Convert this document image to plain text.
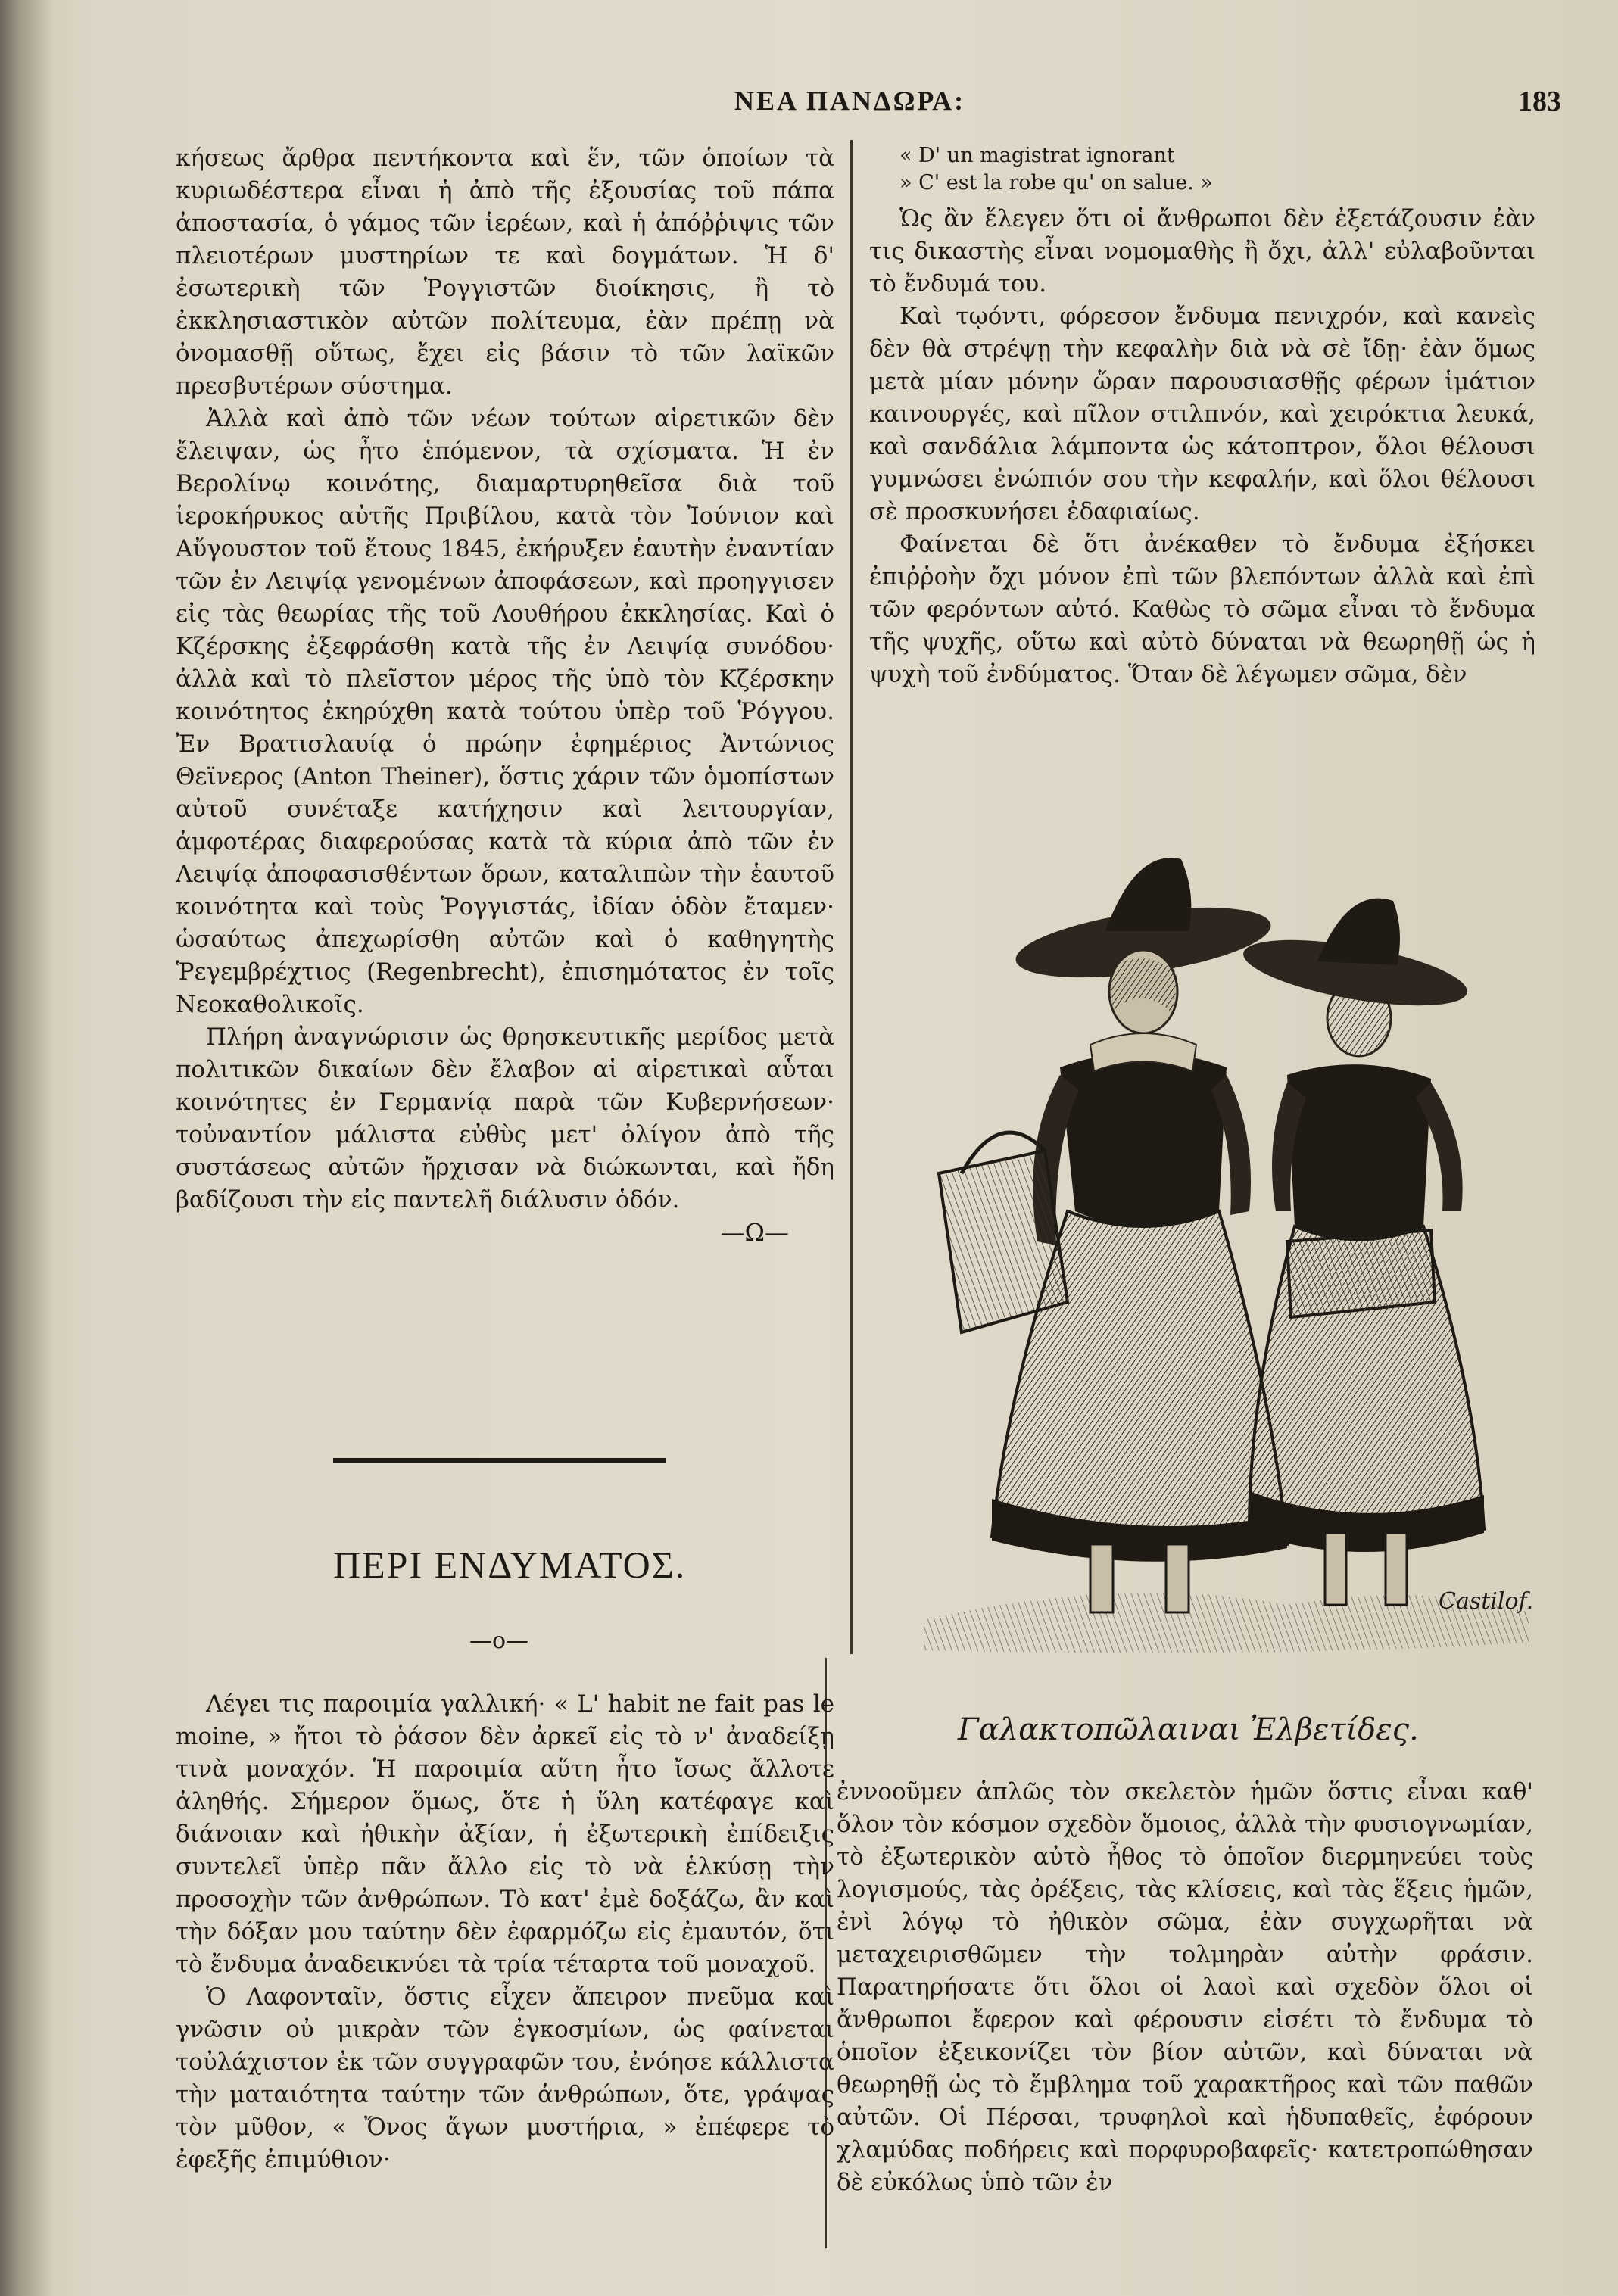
ΝΕΑ ΠΑΝΔΩΡΑ:	183

κήσεως ἄρθρα πεντήκοντα καὶ ἕν, τῶν ὁποίων τὰ κυριωδέστερα εἶναι ἡ ἀπὸ τῆς ἐξουσίας τοῦ πάπα ἀποστασία, ὁ γάμος τῶν ἱερέων, καὶ ἡ ἀπόῤῥιψις τῶν πλειοτέρων μυστηρίων τε καὶ δογμάτων. Ἡ δ' ἐσωτερικὴ τῶν Ῥογγιστῶν διοίκησις, ἢ τὸ ἐκκλησιαστικὸν αὐτῶν πολίτευμα, ἐὰν πρέπῃ νὰ ὀνομασθῇ οὕτως, ἔχει εἰς βάσιν τὸ τῶν λαϊκῶν πρεσβυτέρων σύστημα.

Ἀλλὰ καὶ ἀπὸ τῶν νέων τούτων αἱρετικῶν δὲν ἔλειψαν, ὡς ἦτο ἑπόμενον, τὰ σχίσματα. Ἡ ἐν Βερολίνῳ κοινότης, διαμαρτυρηθεῖσα διὰ τοῦ ἱεροκήρυκος αὐτῆς Πριβίλου, κατὰ τὸν Ἰούνιον καὶ Αὔγουστον τοῦ ἔτους 1845, ἐκήρυξεν ἑαυτὴν ἐναντίαν τῶν ἐν Λειψίᾳ γενομένων ἀποφάσεων, καὶ προηγγισεν εἰς τὰς θεωρίας τῆς τοῦ Λουθήρου ἐκκλησίας. Καὶ ὁ Κζέρσκης ἐξεφράσθη κατὰ τῆς ἐν Λειψίᾳ συνόδου· ἀλλὰ καὶ τὸ πλεῖστον μέρος τῆς ὑπὸ τὸν Κζέρσκην κοινότητος ἐκηρύχθη κατὰ τούτου ὑπὲρ τοῦ Ῥόγγου. Ἐν Βρατισλαυίᾳ ὁ πρώην ἐφημέριος Ἀντώνιος Θεϊνερος (Anton Theiner), ὅστις χάριν τῶν ὁμοπίστων αὐτοῦ συνέταξε κατήχησιν καὶ λειτουργίαν, ἀμφοτέρας διαφερούσας κατὰ τὰ κύρια ἀπὸ τῶν ἐν Λειψίᾳ ἀποφασισθέντων ὅρων, καταλιπὼν τὴν ἑαυτοῦ κοινότητα καὶ τοὺς Ῥογγιστάς, ἰδίαν ὁδὸν ἔταμεν· ὡσαύτως ἀπεχωρίσθη αὐτῶν καὶ ὁ καθηγητὴς Ῥεγεμβρέχτιος (Regenbrecht), ἐπισημότατος ἐν τοῖς Νεοκαθολικοῖς.

Πλήρη ἀναγνώρισιν ὡς θρησκευτικῆς μερίδος μετὰ πολιτικῶν δικαίων δὲν ἔλαβον αἱ αἱρετικαὶ αὗται κοινότητες ἐν Γερμανίᾳ παρὰ τῶν Κυβερνήσεων· τοὐναντίον μάλιστα εὐθὺς μετ' ὀλίγον ἀπὸ τῆς συστάσεως αὐτῶν ἤρχισαν νὰ διώκωνται, καὶ ἤδη βαδίζουσι τὴν εἰς παντελῆ διάλυσιν ὁδόν.

—Ω—

ΠΕΡΙ ΕΝΔΥΜΑΤΟΣ.
—ο—

Λέγει τις παροιμία γαλλική· « L' habit ne fait pas le moine, » ἤτοι τὸ ῥάσον δὲν ἀρκεῖ εἰς τὸ ν' ἀναδείξῃ τινὰ μοναχόν. Ἡ παροιμία αὕτη ἦτο ἴσως ἄλλοτε ἀληθής. Σήμερον ὅμως, ὅτε ἡ ὕλη κατέφαγε καὶ διάνοιαν καὶ ἠθικὴν ἀξίαν, ἡ ἐξωτερικὴ ἐπίδειξις συντελεῖ ὑπὲρ πᾶν ἄλλο εἰς τὸ νὰ ἑλκύσῃ τὴν προσοχὴν τῶν ἀνθρώπων. Τὸ κατ' ἐμὲ δοξάζω, ἂν καὶ τὴν δόξαν μου ταύτην δὲν ἐφαρμόζω εἰς ἐμαυτόν, ὅτι τὸ ἔνδυμα ἀναδεικνύει τὰ τρία τέταρτα τοῦ μοναχοῦ.

Ὁ Λαφονταῖν, ὅστις εἶχεν ἄπειρον πνεῦμα καὶ γνῶσιν οὐ μικρὰν τῶν ἐγκοσμίων, ὡς φαίνεται τοὐλάχιστον ἐκ τῶν συγγραφῶν του, ἐνόησε κάλλιστα τὴν ματαιότητα ταύτην τῶν ἀνθρώπων, ὅτε, γράψας τὸν μῦθον, « Ὄνος ἄγων μυστήρια, » ἐπέφερε τὸ ἐφεξῆς ἐπιμύθιον·

« D' un magistrat ignorant
» C' est la robe qu' on salue. »

Ὡς ἂν ἔλεγεν ὅτι οἱ ἄνθρωποι δὲν ἐξετάζουσιν ἐὰν τις δικαστὴς εἶναι νομομαθὴς ἢ ὄχι, ἀλλ' εὐλαβοῦνται τὸ ἔνδυμά του.

Καὶ τῳόντι, φόρεσον ἔνδυμα πενιχρόν, καὶ κανεὶς δὲν θὰ στρέψῃ τὴν κεφαλὴν διὰ νὰ σὲ ἴδῃ· ἐὰν ὅμως μετὰ μίαν μόνην ὥραν παρουσιασθῇς φέρων ἱμάτιον καινουργές, καὶ πῖλον στιλπνόν, καὶ χειρόκτια λευκά, καὶ σανδάλια λάμποντα ὡς κάτοπτρον, ὅλοι θέλουσι γυμνώσει ἐνώπιόν σου τὴν κεφαλήν, καὶ ὅλοι θέλουσι σὲ προσκυνήσει ἐδαφιαίως.

Φαίνεται δὲ ὅτι ἀνέκαθεν τὸ ἔνδυμα ἐξήσκει ἐπιῤῥοὴν ὄχι μόνον ἐπὶ τῶν βλεπόντων ἀλλὰ καὶ ἐπὶ τῶν φερόντων αὐτό. Καθὼς τὸ σῶμα εἶναι τὸ ἔνδυμα τῆς ψυχῆς, οὕτω καὶ αὐτὸ δύναται νὰ θεωρηθῇ ὡς ἡ ψυχὴ τοῦ ἐνδύματος. Ὅταν δὲ λέγωμεν σῶμα, δὲν

Castilof.
Γαλακτοπῶλαιναι Ἐλβετίδες.

ἐννοοῦμεν ἁπλῶς τὸν σκελετὸν ἡμῶν ὅστις εἶναι καθ' ὅλον τὸν κόσμον σχεδὸν ὅμοιος, ἀλλὰ τὴν φυσιογνωμίαν, τὸ ἐξωτερικὸν αὐτὸ ἦθος τὸ ὁποῖον διερμηνεύει τοὺς λογισμούς, τὰς ὀρέξεις, τὰς κλίσεις, καὶ τὰς ἕξεις ἡμῶν, ἐνὶ λόγῳ τὸ ἠθικὸν σῶμα, ἐὰν συγχωρῆται νὰ μεταχειρισθῶμεν τὴν τολμηρὰν αὐτὴν φράσιν. Παρατηρήσατε ὅτι ὅλοι οἱ λαοὶ καὶ σχεδὸν ὅλοι οἱ ἄνθρωποι ἔφερον καὶ φέρουσιν εἰσέτι τὸ ἔνδυμα τὸ ὁποῖον ἐξεικονίζει τὸν βίον αὐτῶν, καὶ δύναται νὰ θεωρηθῇ ὡς τὸ ἔμβλημα τοῦ χαρακτῆρος καὶ τῶν παθῶν αὐτῶν. Οἱ Πέρσαι, τρυφηλοὶ καὶ ἡδυπαθεῖς, ἐφόρουν χλαμύδας ποδήρεις καὶ πορφυροβαφεῖς· κατετροπώθησαν δὲ εὐκόλως ὑπὸ τῶν ἐν
